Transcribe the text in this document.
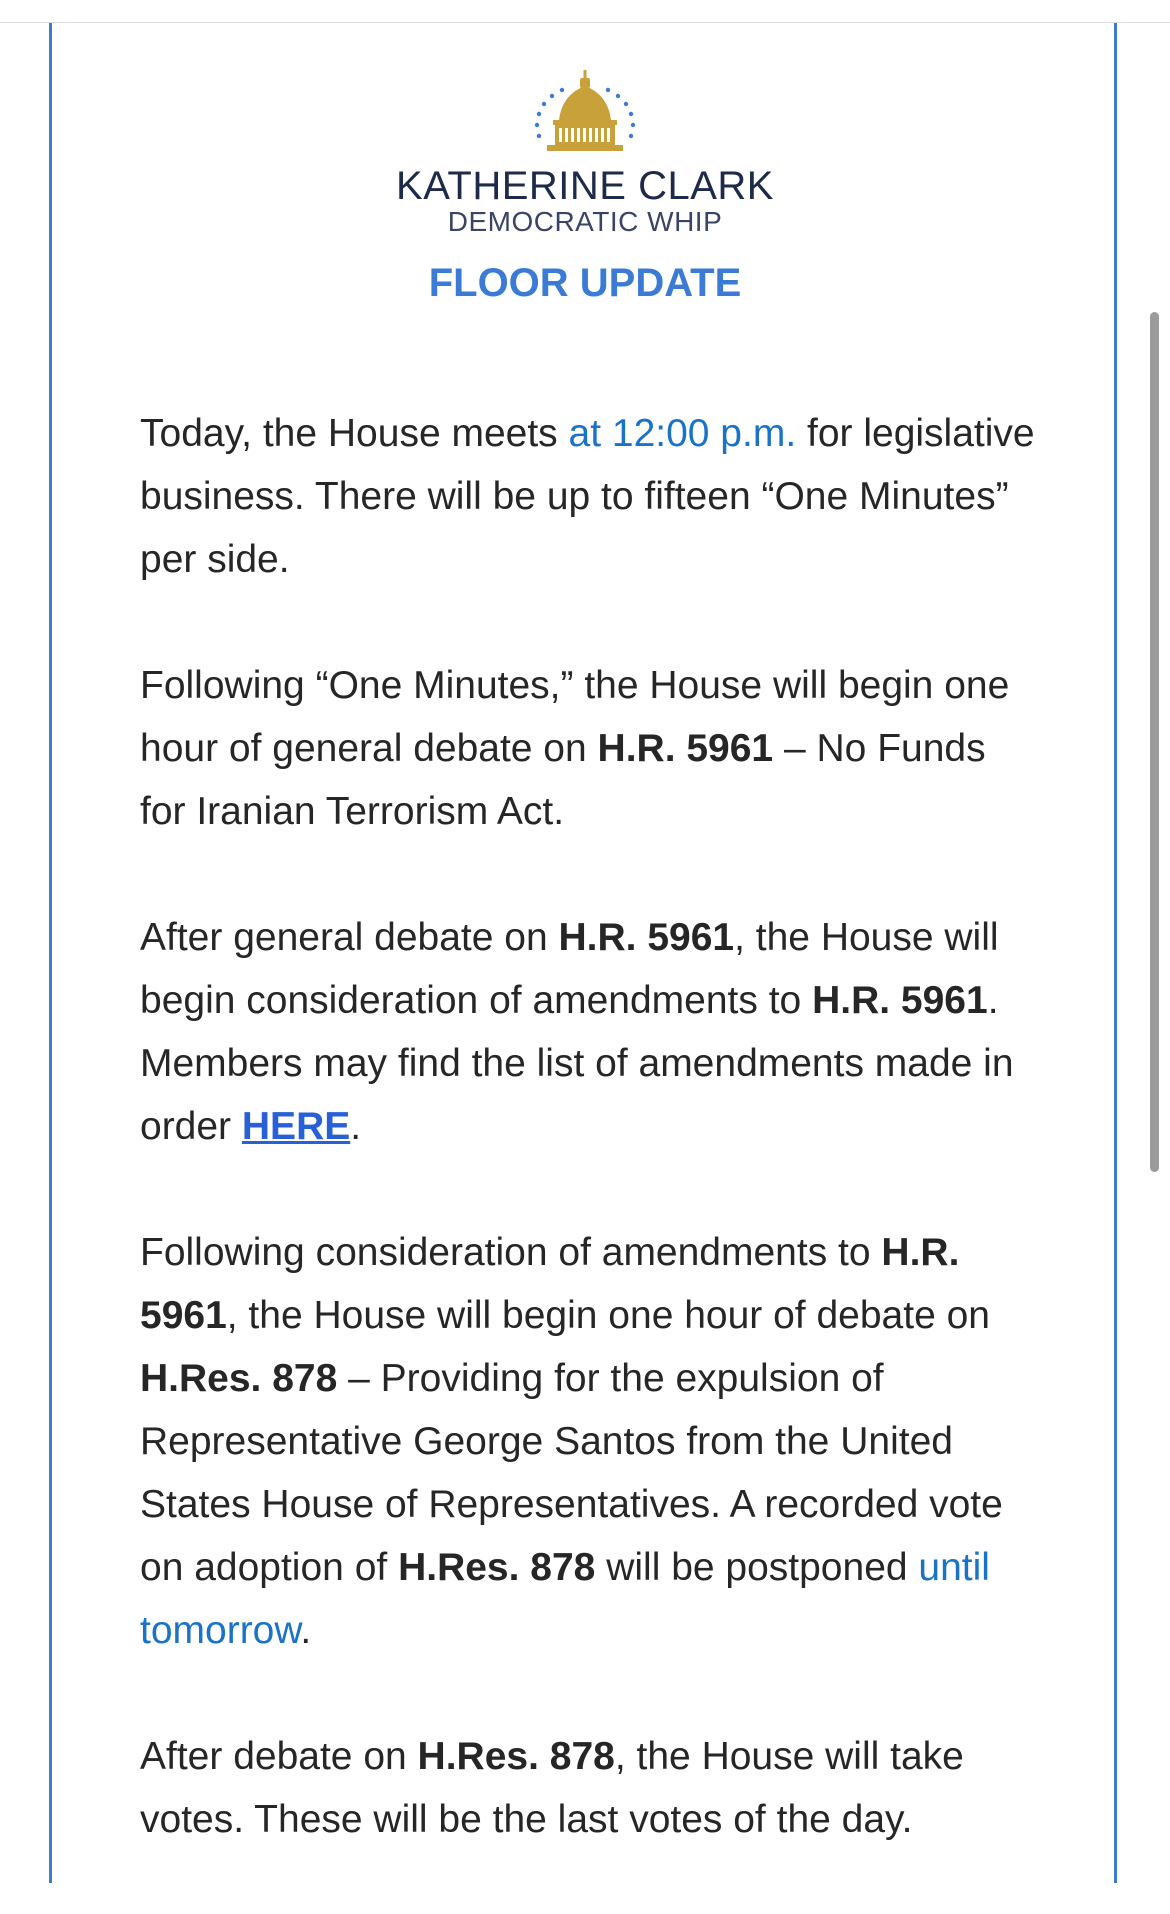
KATHERINE CLARK
DEMOCRATIC WHIP
FLOOR UPDATE

Today, the House meets at 12:00 p.m. for legislative business. There will be up to fifteen “One Minutes” per side.

Following “One Minutes,” the House will begin one hour of general debate on H.R. 5961 – No Funds for Iranian Terrorism Act.

After general debate on H.R. 5961, the House will begin consideration of amendments to H.R. 5961. Members may find the list of amendments made in order HERE.

Following consideration of amendments to H.R. 5961, the House will begin one hour of debate on H.Res. 878 – Providing for the expulsion of Representative George Santos from the United States House of Representatives. A recorded vote on adoption of H.Res. 878 will be postponed until tomorrow.

After debate on H.Res. 878, the House will take votes. These will be the last votes of the day.
